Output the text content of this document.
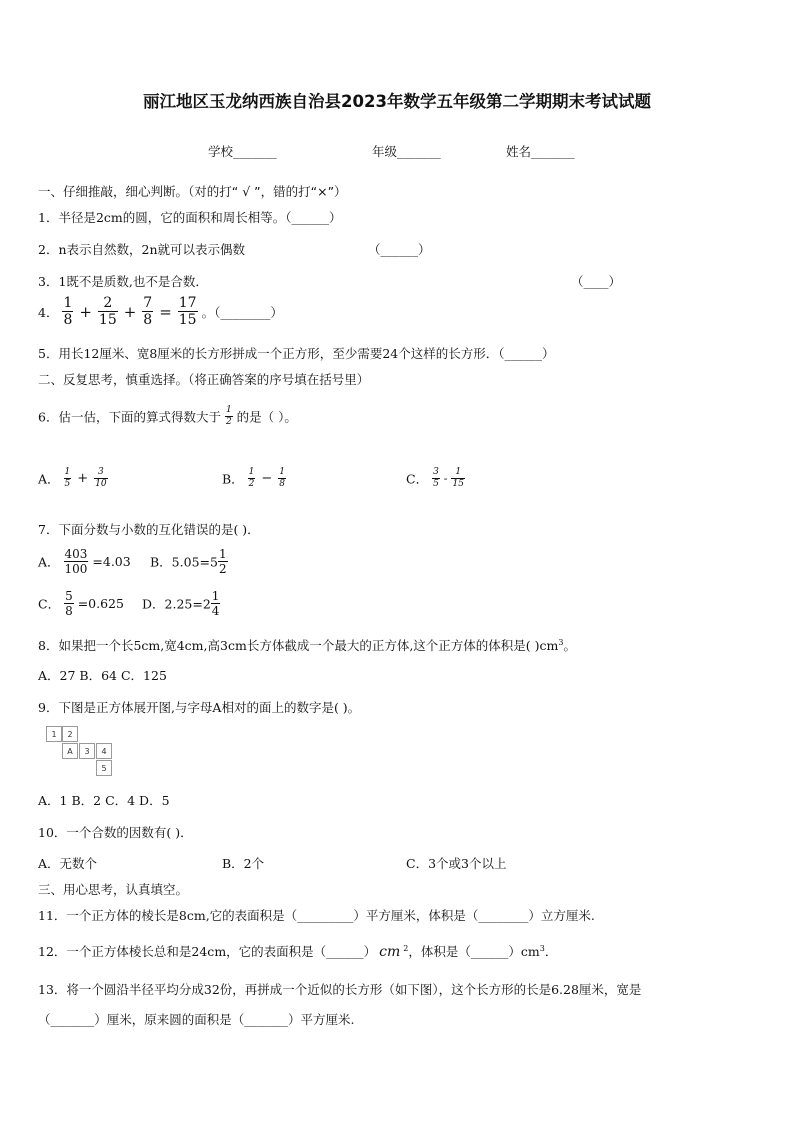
丽江地区玉龙纳西族自治县2023年数学五年级第二学期期末考试试题
学校_______	年级_______	姓名_______
一、仔细推敲，细心判断。（对的打“ √ ”，错的打“×”）
1．半径是2cm的圆，它的面积和周长相等。（______）
2．n表示自然数，2n就可以表示偶数	（______）
3．1既不是质数,也不是合数．	（____）
4． $\frac{1}{8} + \frac{2}{15} + \frac{7}{8} = \frac{17}{15}$ 。（________）
5．用长12厘米、宽8厘米的长方形拼成一个正方形，至少需要24个这样的长方形．（______）
二、反复思考，慎重选择。（将正确答案的序号填在括号里）
6．估一估，下面的算式得数大于 $\frac{1}{2}$ 的是（ ）。
A． $\frac{1}{5} + \frac{3}{10}$	B． $\frac{1}{2} - \frac{1}{8}$	C． $\frac{3}{5} - \frac{1}{15}$
7．下面分数与小数的互化错误的是( )．
A． $\frac{403}{100} =4.03$ B．$5.05=5 \frac{1}{2}$
C． $\frac{5}{8} =0.625$ D．$2.25=2 \frac{1}{4}$
8．如果把一个长5cm,宽4cm,高3cm长方体截成一个最大的正方体,这个正方体的体积是( )$cm^3$。
A．27 B．64 C．125
9．下图是正方体展开图,与字母A相对的面上的数字是( )。
1	2
A	3	4
5
A．1 B．2 C．4 D．5
10．一个合数的因数有( )．
A．无数个	B．2个	C．3个或3个以上
三、用心思考，认真填空。
11．一个正方体的棱长是8cm,它的表面积是（_________）平方厘米，体积是（________）立方厘米.
12．一个正方体棱长总和是24cm，它的表面积是（______） cm $^2$，体积是$(\_\_\_\_\_\_)cm^3$．
13．将一个圆沿半径平均分成32份，再拼成一个近似的长方形（如下图），这个长方形的长是6.28厘米，宽是
（_______）厘米，原来圆的面积是（_______）平方厘米.
